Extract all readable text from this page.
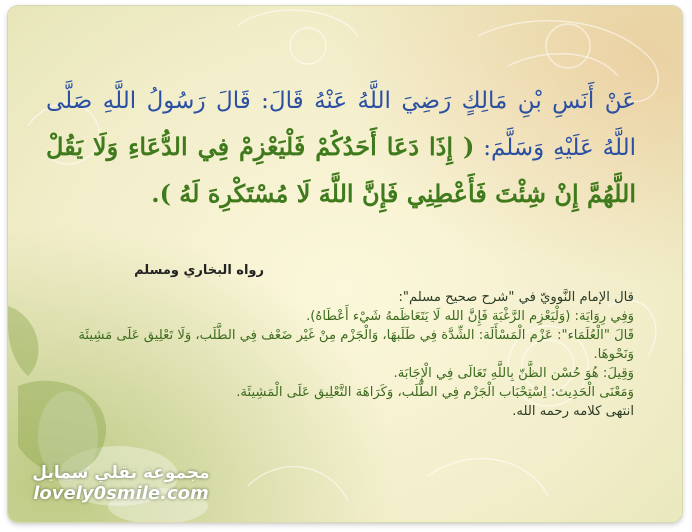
عَنْ أَنَسِ بْنِ مَالِكٍ رَضِيَ اللَّهُ عَنْهُ قَالَ: قَالَ رَسُولُ اللَّهِ صَلَّى اللَّهُ عَلَيْهِ وَسَلَّمَ: ( إِذَا دَعَا أَحَدُكُمْ فَلْيَعْزِمْ فِي الدُّعَاءِ وَلَا يَقُلْ اللَّهُمَّ إِنْ شِئْتَ فَأَعْطِنِي فَإِنَّ اللَّهَ لَا مُسْتَكْرِهَ لَهُ ).
رواه البخاري ومسلم

قال الإمام النَّوويّ في "شرح صحيح مسلم":

وَفِي رِوَايَة: (وَلْيَعْزِم الرَّغْبَة فَإِنَّ الله لَا يَتَعَاظَمهُ شَيْء أَعْطَاهُ).

قَالَ "الْعُلَمَاء": عَزْم الْمَسْأَلَة: الشِّدَّة فِي طَلَبهَا، وَالْجَزْم مِنْ غَيْر ضَعْف فِي الطَّلَب، وَلَا تَعْلِيق عَلَى مَشِيئَة وَنَحْوهَا.

وَقِيلَ: هُوَ حُسْن الظَّنّ بِاللَّهِ تَعَالَى فِي الْإِجَابَة.

وَمَعْنَى الْحَدِيث: اِسْتِحْبَاب الْجَزْم فِي الطَّلَب، وَكَرَاهَة التَّعْلِيق عَلَى الْمَشِيئَة.

انتهى كلامه رحمه الله.

مجموعة نقلي سمايل
lovely0smile.com
